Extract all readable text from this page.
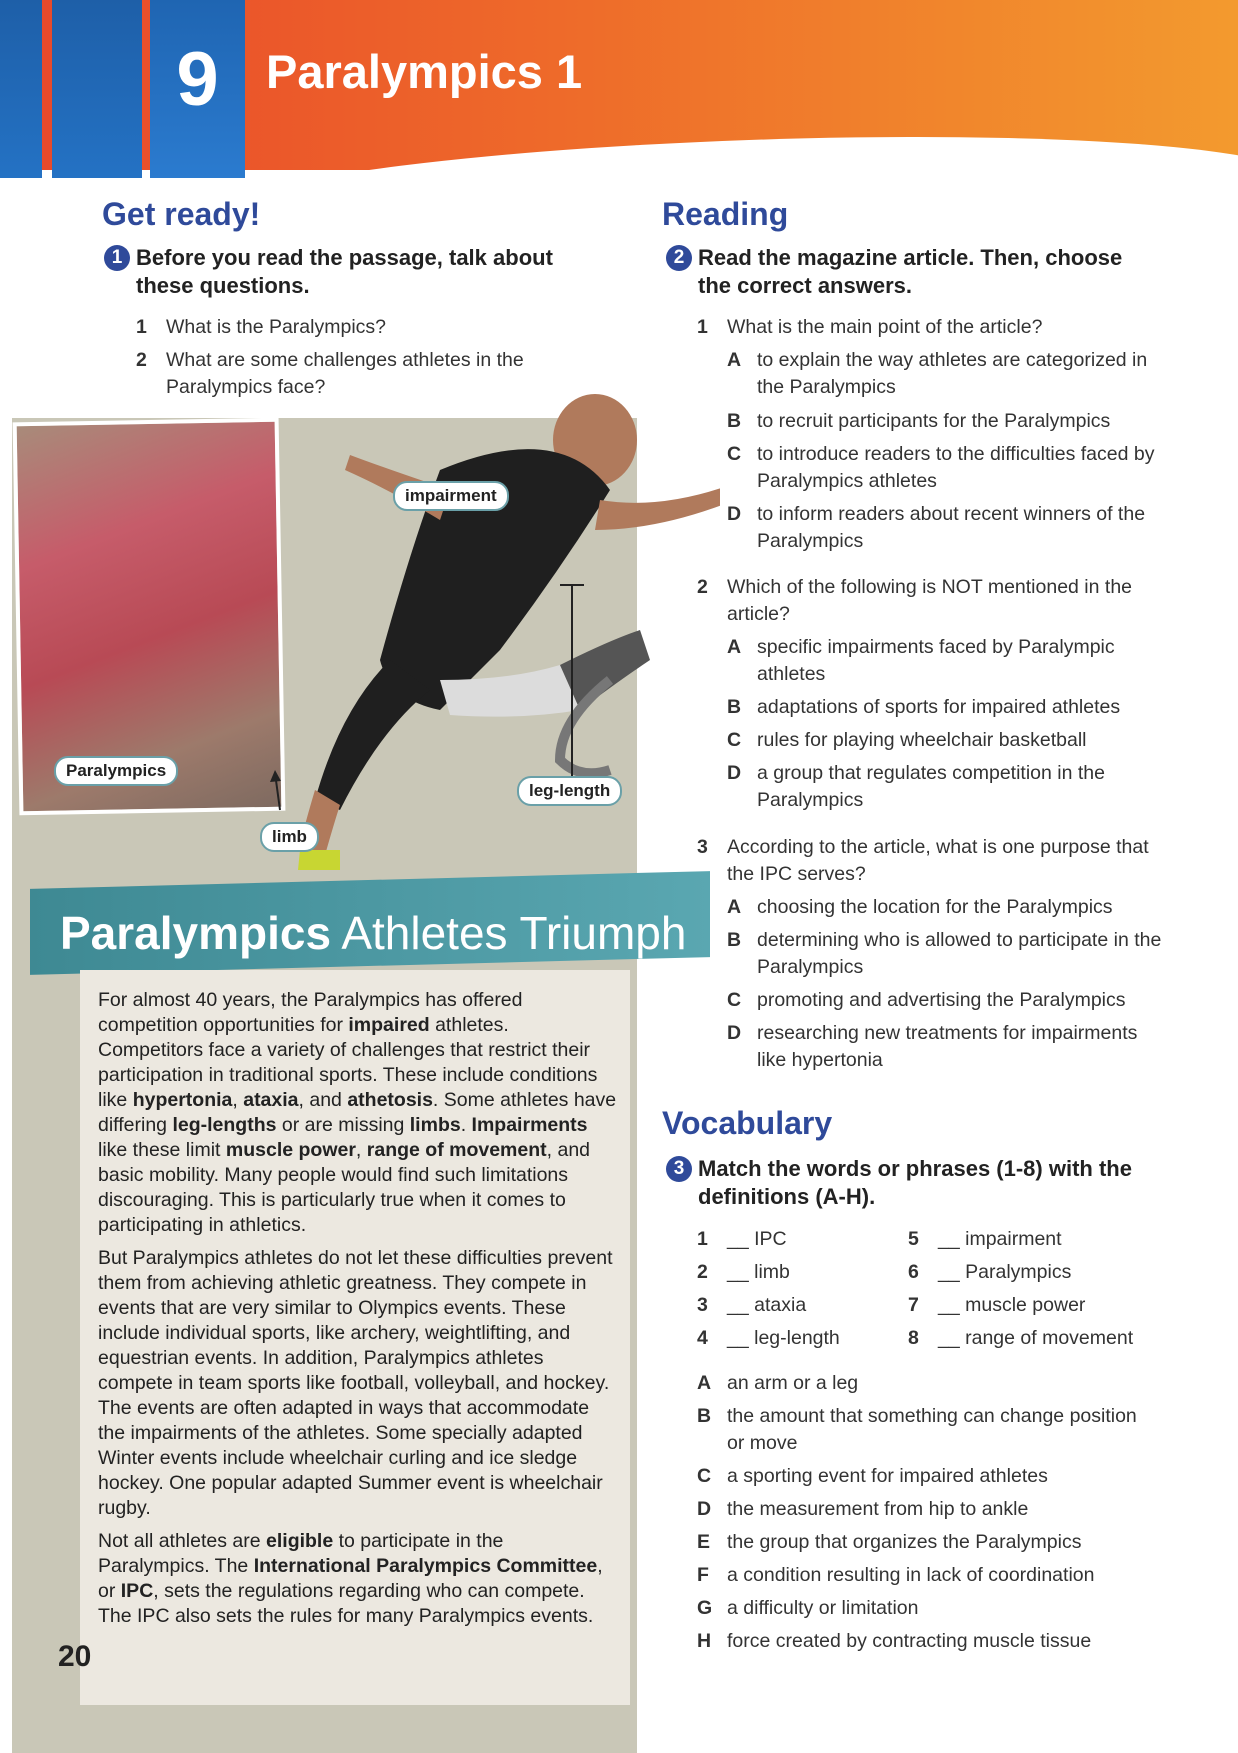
9	Paralympics 1
Get ready!
1 Before you read the passage, talk about these questions.
1 What is the Paralympics?
2 What are some challenges athletes in the Paralympics face?
impairment
Paralympics
limb
leg-length
Paralympics Athletes Triumph

For almost 40 years, the Paralympics has offered competition opportunities for impaired athletes. Competitors face a variety of challenges that restrict their participation in traditional sports. These include conditions like hypertonia, ataxia, and athetosis. Some athletes have differing leg-lengths or are missing limbs. Impairments like these limit muscle power, range of movement, and basic mobility. Many people would find such limitations discouraging. This is particularly true when it comes to participating in athletics.

But Paralympics athletes do not let these difficulties prevent them from achieving athletic greatness. They compete in events that are very similar to Olympics events. These include individual sports, like archery, weightlifting, and equestrian events. In addition, Paralympics athletes compete in team sports like football, volleyball, and hockey. The events are often adapted in ways that accommodate the impairments of the athletes. Some specially adapted Winter events include wheelchair curling and ice sledge hockey. One popular adapted Summer event is wheelchair rugby.

Not all athletes are eligible to participate in the Paralympics. The International Paralympics Committee, or IPC, sets the regulations regarding who can compete. The IPC also sets the rules for many Paralympics events.

20
Reading
2 Read the magazine article. Then, choose the correct answers.
1 What is the main point of the article?
A to explain the way athletes are categorized in the Paralympics
B to recruit participants for the Paralympics
C to introduce readers to the difficulties faced by Paralympics athletes
D to inform readers about recent winners of the Paralympics
2 Which of the following is NOT mentioned in the article?
A specific impairments faced by Paralympic athletes
B adaptations of sports for impaired athletes
C rules for playing wheelchair basketball
D a group that regulates competition in the Paralympics
3 According to the article, what is one purpose that the IPC serves?
A choosing the location for the Paralympics
B determining who is allowed to participate in the Paralympics
C promoting and advertising the Paralympics
D researching new treatments for impairments like hypertonia
Vocabulary
3 Match the words or phrases (1-8) with the definitions (A-H).
1 __ IPC
2 __ limb
3 __ ataxia
4 __ leg-length
5 __ impairment
6 __ Paralympics
7 __ muscle power
8 __ range of movement
A an arm or a leg
B the amount that something can change position or move
C a sporting event for impaired athletes
D the measurement from hip to ankle
E the group that organizes the Paralympics
F a condition resulting in lack of coordination
G a difficulty or limitation
H force created by contracting muscle tissue
